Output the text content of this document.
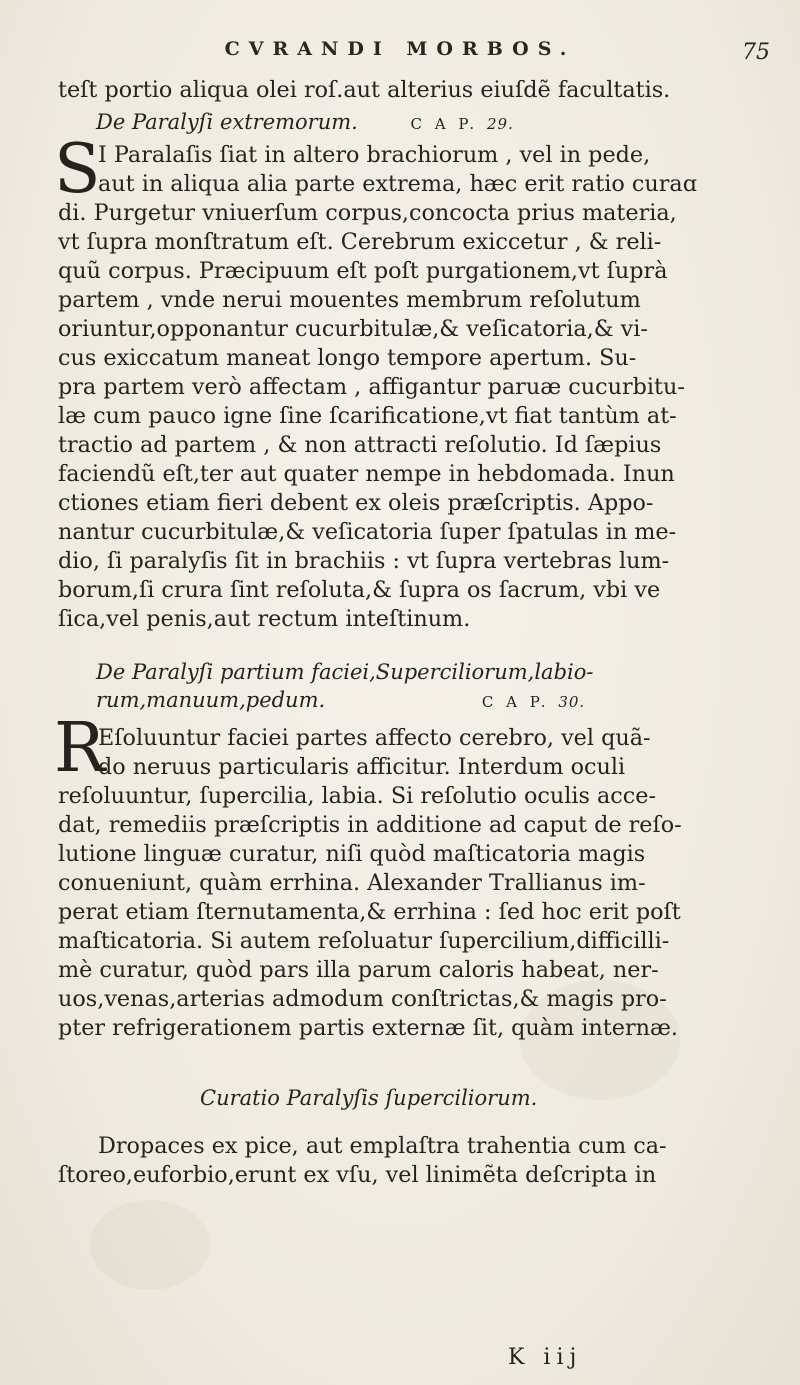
CVRANDI MORBOS.	75
teſt portio aliqua olei roſ.aut alterius eiuſdẽ facultatis.
De Paralyſi extremorum.	C A P. 29.
S
I Paralaſis ſiat in altero brachiorum , vel in pede,
aut in aliqua alia parte extrema, hæc erit ratio curaɑ
di. Purgetur vniuerſum corpus,concocta prius materia,
vt ſupra monſtratum eſt. Cerebrum exiccetur , & reli-
quũ corpus. Præcipuum eſt poſt purgationem,vt ſuprà
partem , vnde nerui mouentes membrum reſolutum
oriuntur,opponantur cucurbitulæ,& veſicatoria,& vi-
cus exiccatum maneat longo tempore apertum. Su-
pra partem verò affectam , affigantur paruæ cucurbitu-
læ cum pauco igne ſine ſcarificatione,vt fiat tantùm at-
tractio ad partem , & non attracti reſolutio. Id ſæpius
faciendũ eſt,ter aut quater nempe in hebdomada. Inun
ctiones etiam fieri debent ex oleis præſcriptis. Appo-
nantur cucurbitulæ,& veſicatoria ſuper ſpatulas in me-
dio, ſi paralyſis ſit in brachiis : vt ſupra vertebras lum-
borum,ſi crura ſint reſoluta,& ſupra os ſacrum, vbi ve
ſica,vel penis,aut rectum inteſtinum.
De Paralyſi partium faciei,Superciliorum,labio-
rum,manuum,pedum.	C A P. 30.
R
Eſoluuntur faciei partes affecto cerebro, vel quã-
do neruus particularis afficitur. Interdum oculi
reſoluuntur, ſupercilia, labia. Si reſolutio oculis acce-
dat, remediis præſcriptis in additione ad caput de reſo-
lutione linguæ curatur, niſi quòd maſticatoria magis
conueniunt, quàm errhina. Alexander Trallianus im-
perat etiam ſternutamenta,& errhina : ſed hoc erit poſt
maſticatoria. Si autem reſoluatur ſupercilium,difficilli-
mè curatur, quòd pars illa parum caloris habeat, ner-
uos,venas,arterias admodum conſtrictas,& magis pro-
pter refrigerationem partis externæ ſit, quàm internæ.
Curatio Paralyſis ſuperciliorum.
Dropaces ex pice, aut emplaſtra trahentia cum ca-
ſtoreo,euforbio,erunt ex vſu, vel linimẽta deſcripta in
K iij
